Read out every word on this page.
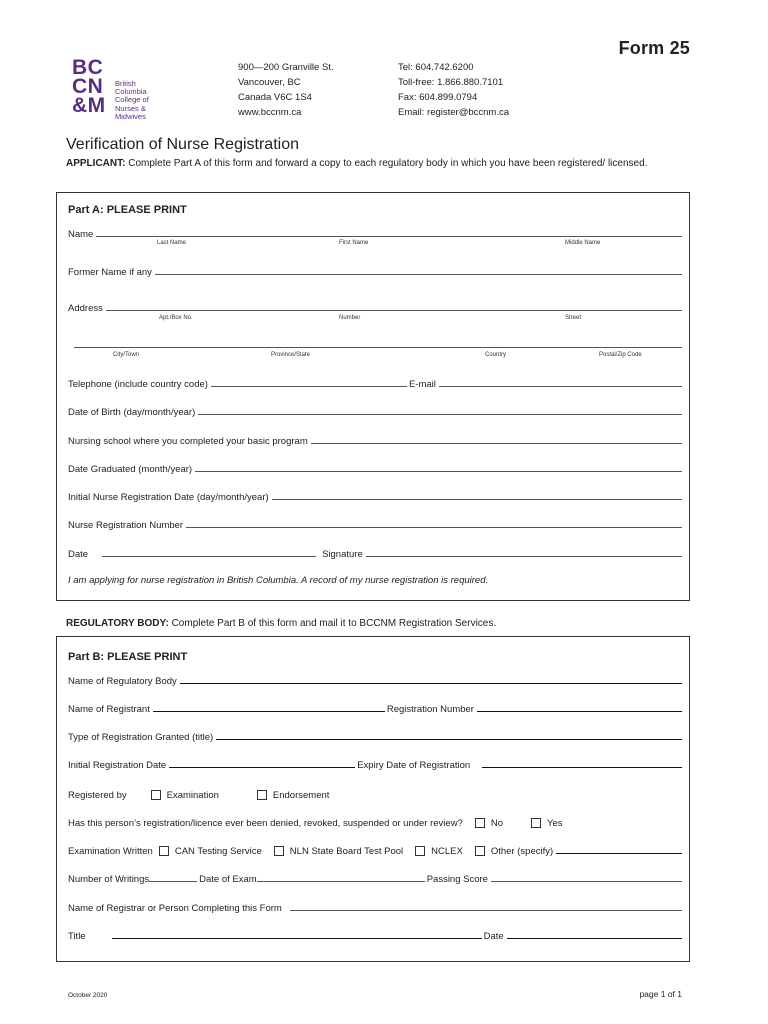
Form 25
BC
CN
&M
British
Columbia
College of
Nurses &
Midwives
900—200 Granville St.
Vancouver, BC
Canada V6C 1S4
www.bccnm.ca
Tel: 604.742.6200
Toll-free: 1.866.880.7101
Fax: 604.899.0794
Email: register@bccnm.ca
Verification of Nurse Registration
APPLICANT: Complete Part A of this form and forward a copy to each regulatory body in which you have been registered/ licensed.
Part A: PLEASE PRINT
Name
Last Name	First Name	Middle Name
Former Name if any
Address
Apt./Box No.	Number	Street
City/Town	Province/State	Country	Postal/Zip Code
Telephone (include country code)	E-mail
Date of Birth (day/month/year)
Nursing school where you completed your basic program
Date Graduated (month/year)
Initial Nurse Registration Date (day/month/year)
Nurse Registration Number
Date	Signature
I am applying for nurse registration in British Columbia. A record of my nurse registration is required.
REGULATORY BODY: Complete Part B of this form and mail it to BCCNM Registration Services.
Part B: PLEASE PRINT
Name of Regulatory Body
Name of Registrant	Registration Number
Type of Registration Granted (title)
Initial Registration Date	Expiry Date of Registration
Registered by	Examination	Endorsement
Has this person’s registration/licence ever been denied, revoked, suspended or under review?	No	Yes
Examination Written CAN Testing Service	NLN State Board Test Pool	NCLEX	Other (specify)
Number of Writings	Date of Exam	Passing Score
Name of Registrar or Person Completing this Form
Title	Date
October 2020	page 1 of 1
